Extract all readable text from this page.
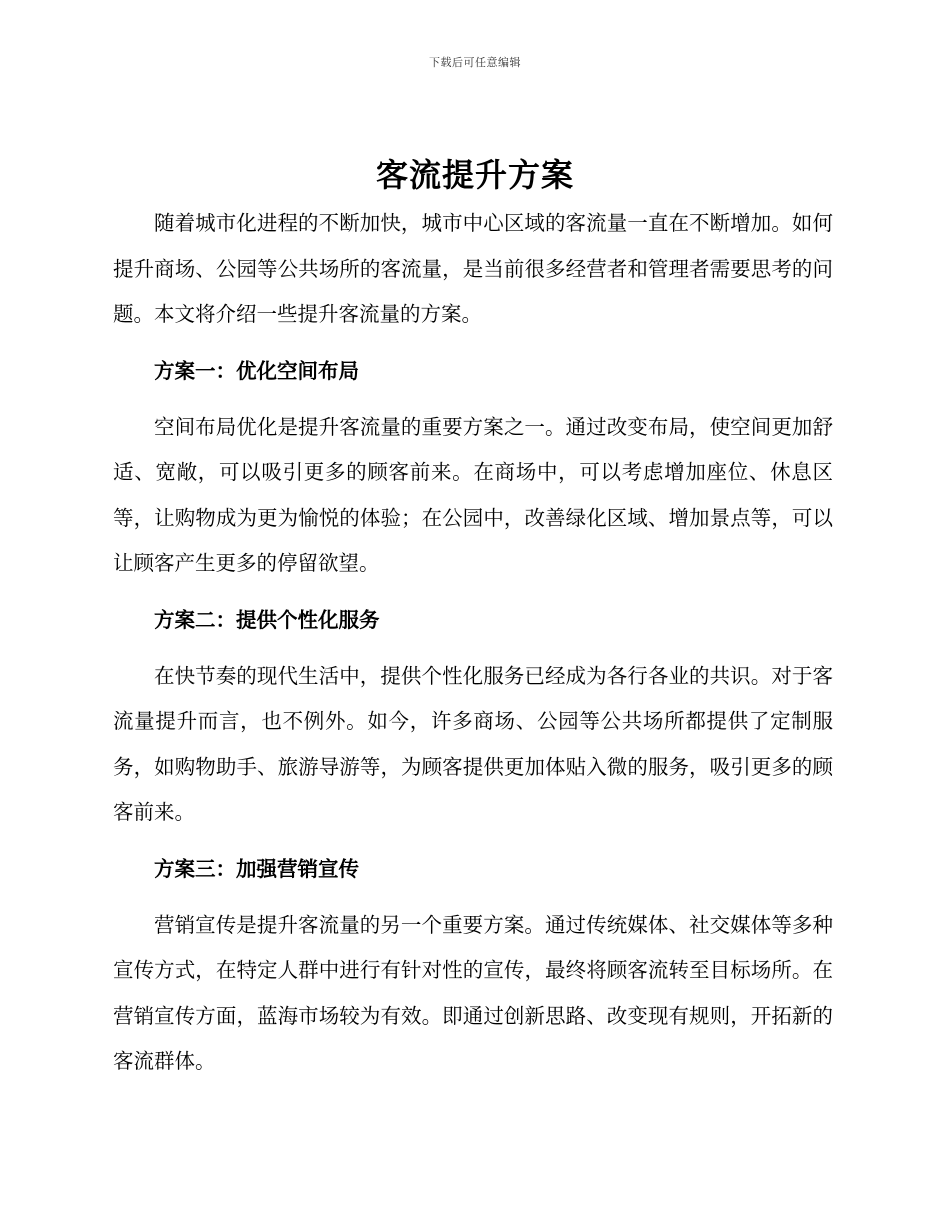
下载后可任意编辑
客流提升方案

随着城市化进程的不断加快，城市中心区域的客流量一直在不断增加。如何提升商场、公园等公共场所的客流量，是当前很多经营者和管理者需要思考的问题。本文将介绍一些提升客流量的方案。

方案一：优化空间布局

空间布局优化是提升客流量的重要方案之一。通过改变布局，使空间更加舒适、宽敞，可以吸引更多的顾客前来。在商场中，可以考虑增加座位、休息区等，让购物成为更为愉悦的体验；在公园中，改善绿化区域、增加景点等，可以让顾客产生更多的停留欲望。

方案二：提供个性化服务

在快节奏的现代生活中，提供个性化服务已经成为各行各业的共识。对于客流量提升而言，也不例外。如今，许多商场、公园等公共场所都提供了定制服务，如购物助手、旅游导游等，为顾客提供更加体贴入微的服务，吸引更多的顾客前来。

方案三：加强营销宣传

营销宣传是提升客流量的另一个重要方案。通过传统媒体、社交媒体等多种宣传方式，在特定人群中进行有针对性的宣传，最终将顾客流转至目标场所。在营销宣传方面，蓝海市场较为有效。即通过创新思路、改变现有规则，开拓新的客流群体。
